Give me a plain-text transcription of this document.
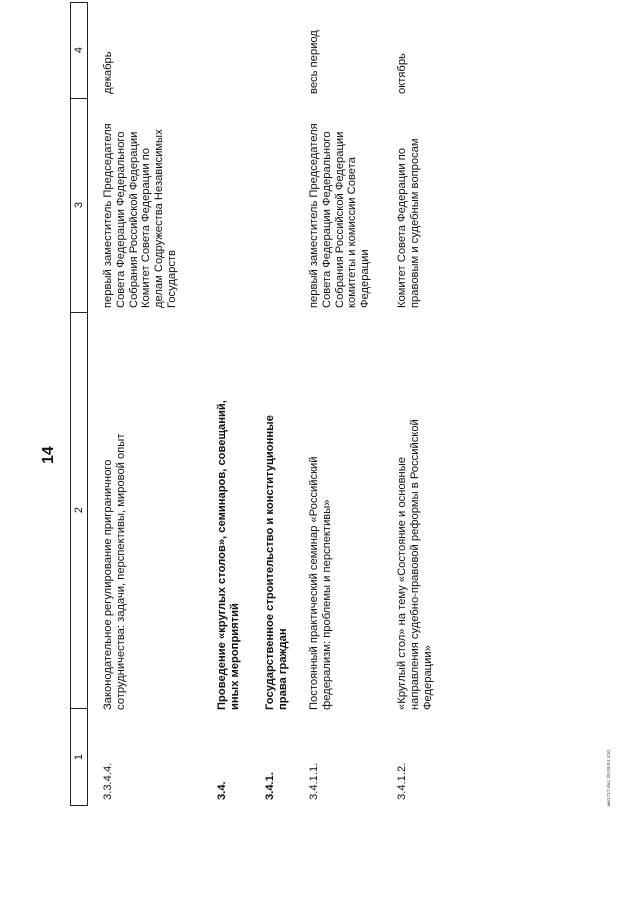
14
1
2
3
4
3.3.4.4.
Законодательное регулирование приграничного
сотрудничества: задачи, перспективы, мировой опыт
первый заместитель Председателя
Совета Федерации Федерального
Собрания Российской Федерации
Комитет Совета Федерации по
делам Содружества Независимых
Государств
декабрь
3.4.
Проведение «круглых столов», семинаров, совещаний,
иных мероприятий
3.4.1.
Государственное строительство и конституционные
права граждан
3.4.1.1.
Постоянный практический семинар «Российский
федерализм: проблемы и перспективы»
первый заместитель Председателя
Совета Федерации Федерального
Собрания Российской Федерации
комитеты и комиссии Совета
Федерации
весь период
3.4.1.2.
«Круглый стол» на тему «Состояние и основные
направления судебно-правовой реформы в Российской
Федерации»
Комитет Совета Федерации по
правовым и судебным вопросам
октябрь
мв1717.doc 29.09.01 310
